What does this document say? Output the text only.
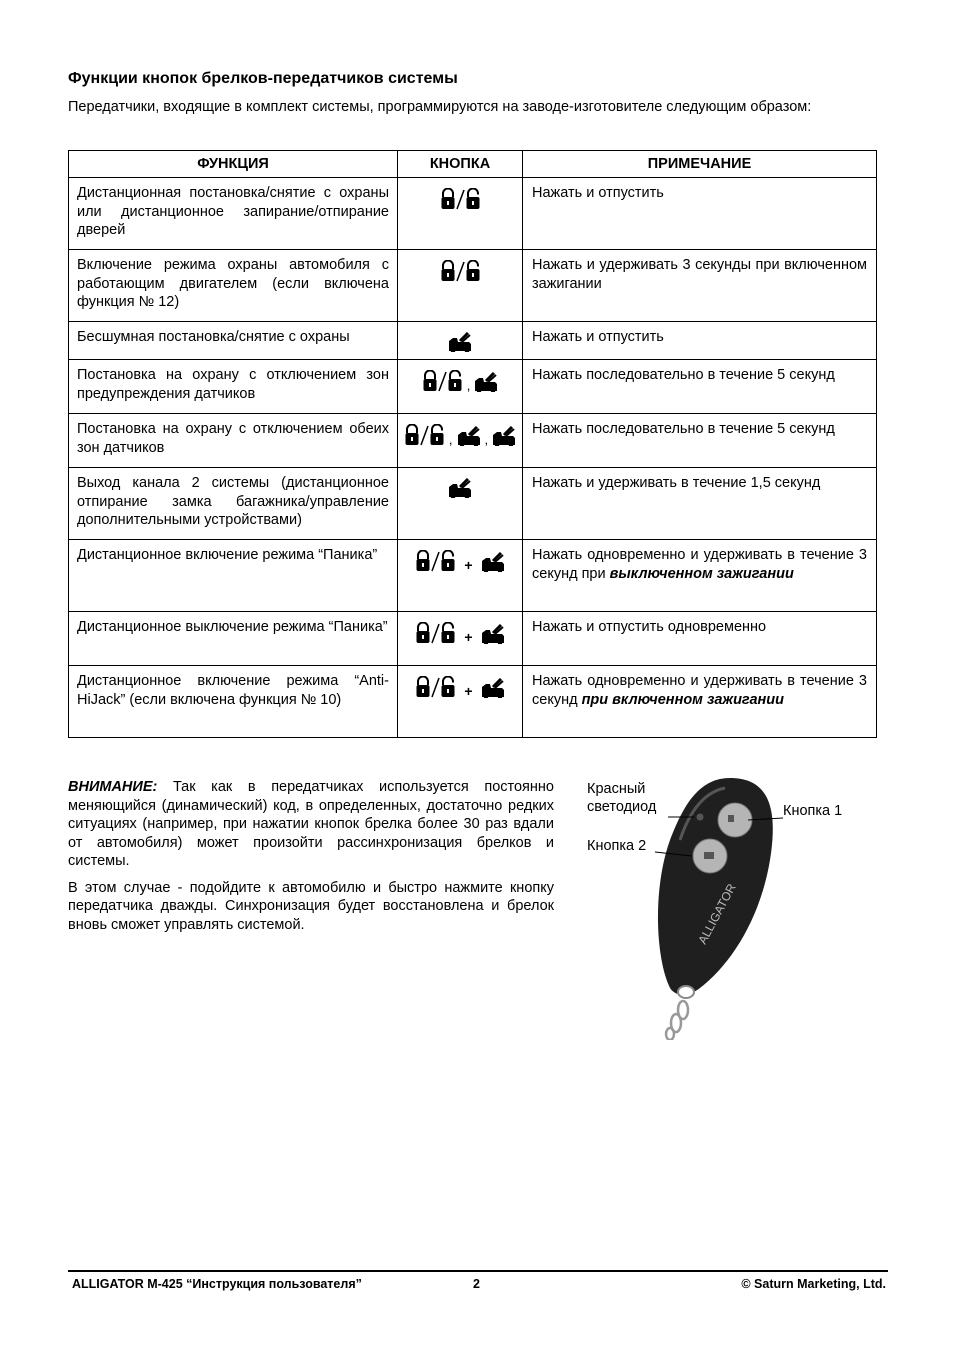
Функции кнопок брелков-передатчиков системы
Передатчики, входящие в комплект системы, программируются на заводе-изготовителе следующим образом:
ФУНКЦИЯ	КНОПКА	ПРИМЕЧАНИЕ
Дистанционная постановка/снятие с охраны или дистанционное запирание/отпирание дверей		Нажать и отпустить
Включение режима охраны автомобиля с работающим двигателем (если включена функция № 12)		Нажать и удерживать 3 секунды при включенном зажигании
Бесшумная постановка/снятие с охраны		Нажать и отпустить
Постановка на охрану с отключением зон предупреждения датчиков	,	Нажать последовательно в течение 5 секунд
Постановка на охрану с отключением обеих зон датчиков	, ,	Нажать последовательно в течение 5 секунд
Выход канала 2 системы (дистанционное отпирание замка багажника/управление дополнительными устройствами)		Нажать и удерживать в течение 1,5 секунд
Дистанционное включение режима “Паника”	+	Нажать одновременно и удерживать в течение 3 секунд при выключенном зажигании
Дистанционное выключение режима “Паника”	+	Нажать и отпустить одновременно
Дистанционное включение режима “Anti-HiJack” (если включена функция № 10)	+	Нажать одновременно и удерживать в течение 3 секунд при включенном зажигании

ВНИМАНИЕ: Так как в передатчиках используется постоянно меняющийся (динамический) код, в определенных, достаточно редких ситуациях (например, при нажатии кнопок брелка более 30 раз вдали от автомобиля) может произойти рассинхронизация брелков и системы.

В этом случае - подойдите к автомобилю и быстро нажмите кнопку передатчика дважды. Синхронизация будет восстановлена и брелок вновь сможет управлять системой.

Красный
светодиод	Кнопка 1
Кнопка 2
ALLIGATOR
ALLIGATOR M-425 “Инструкция пользователя”	2	© Saturn Marketing, Ltd.
